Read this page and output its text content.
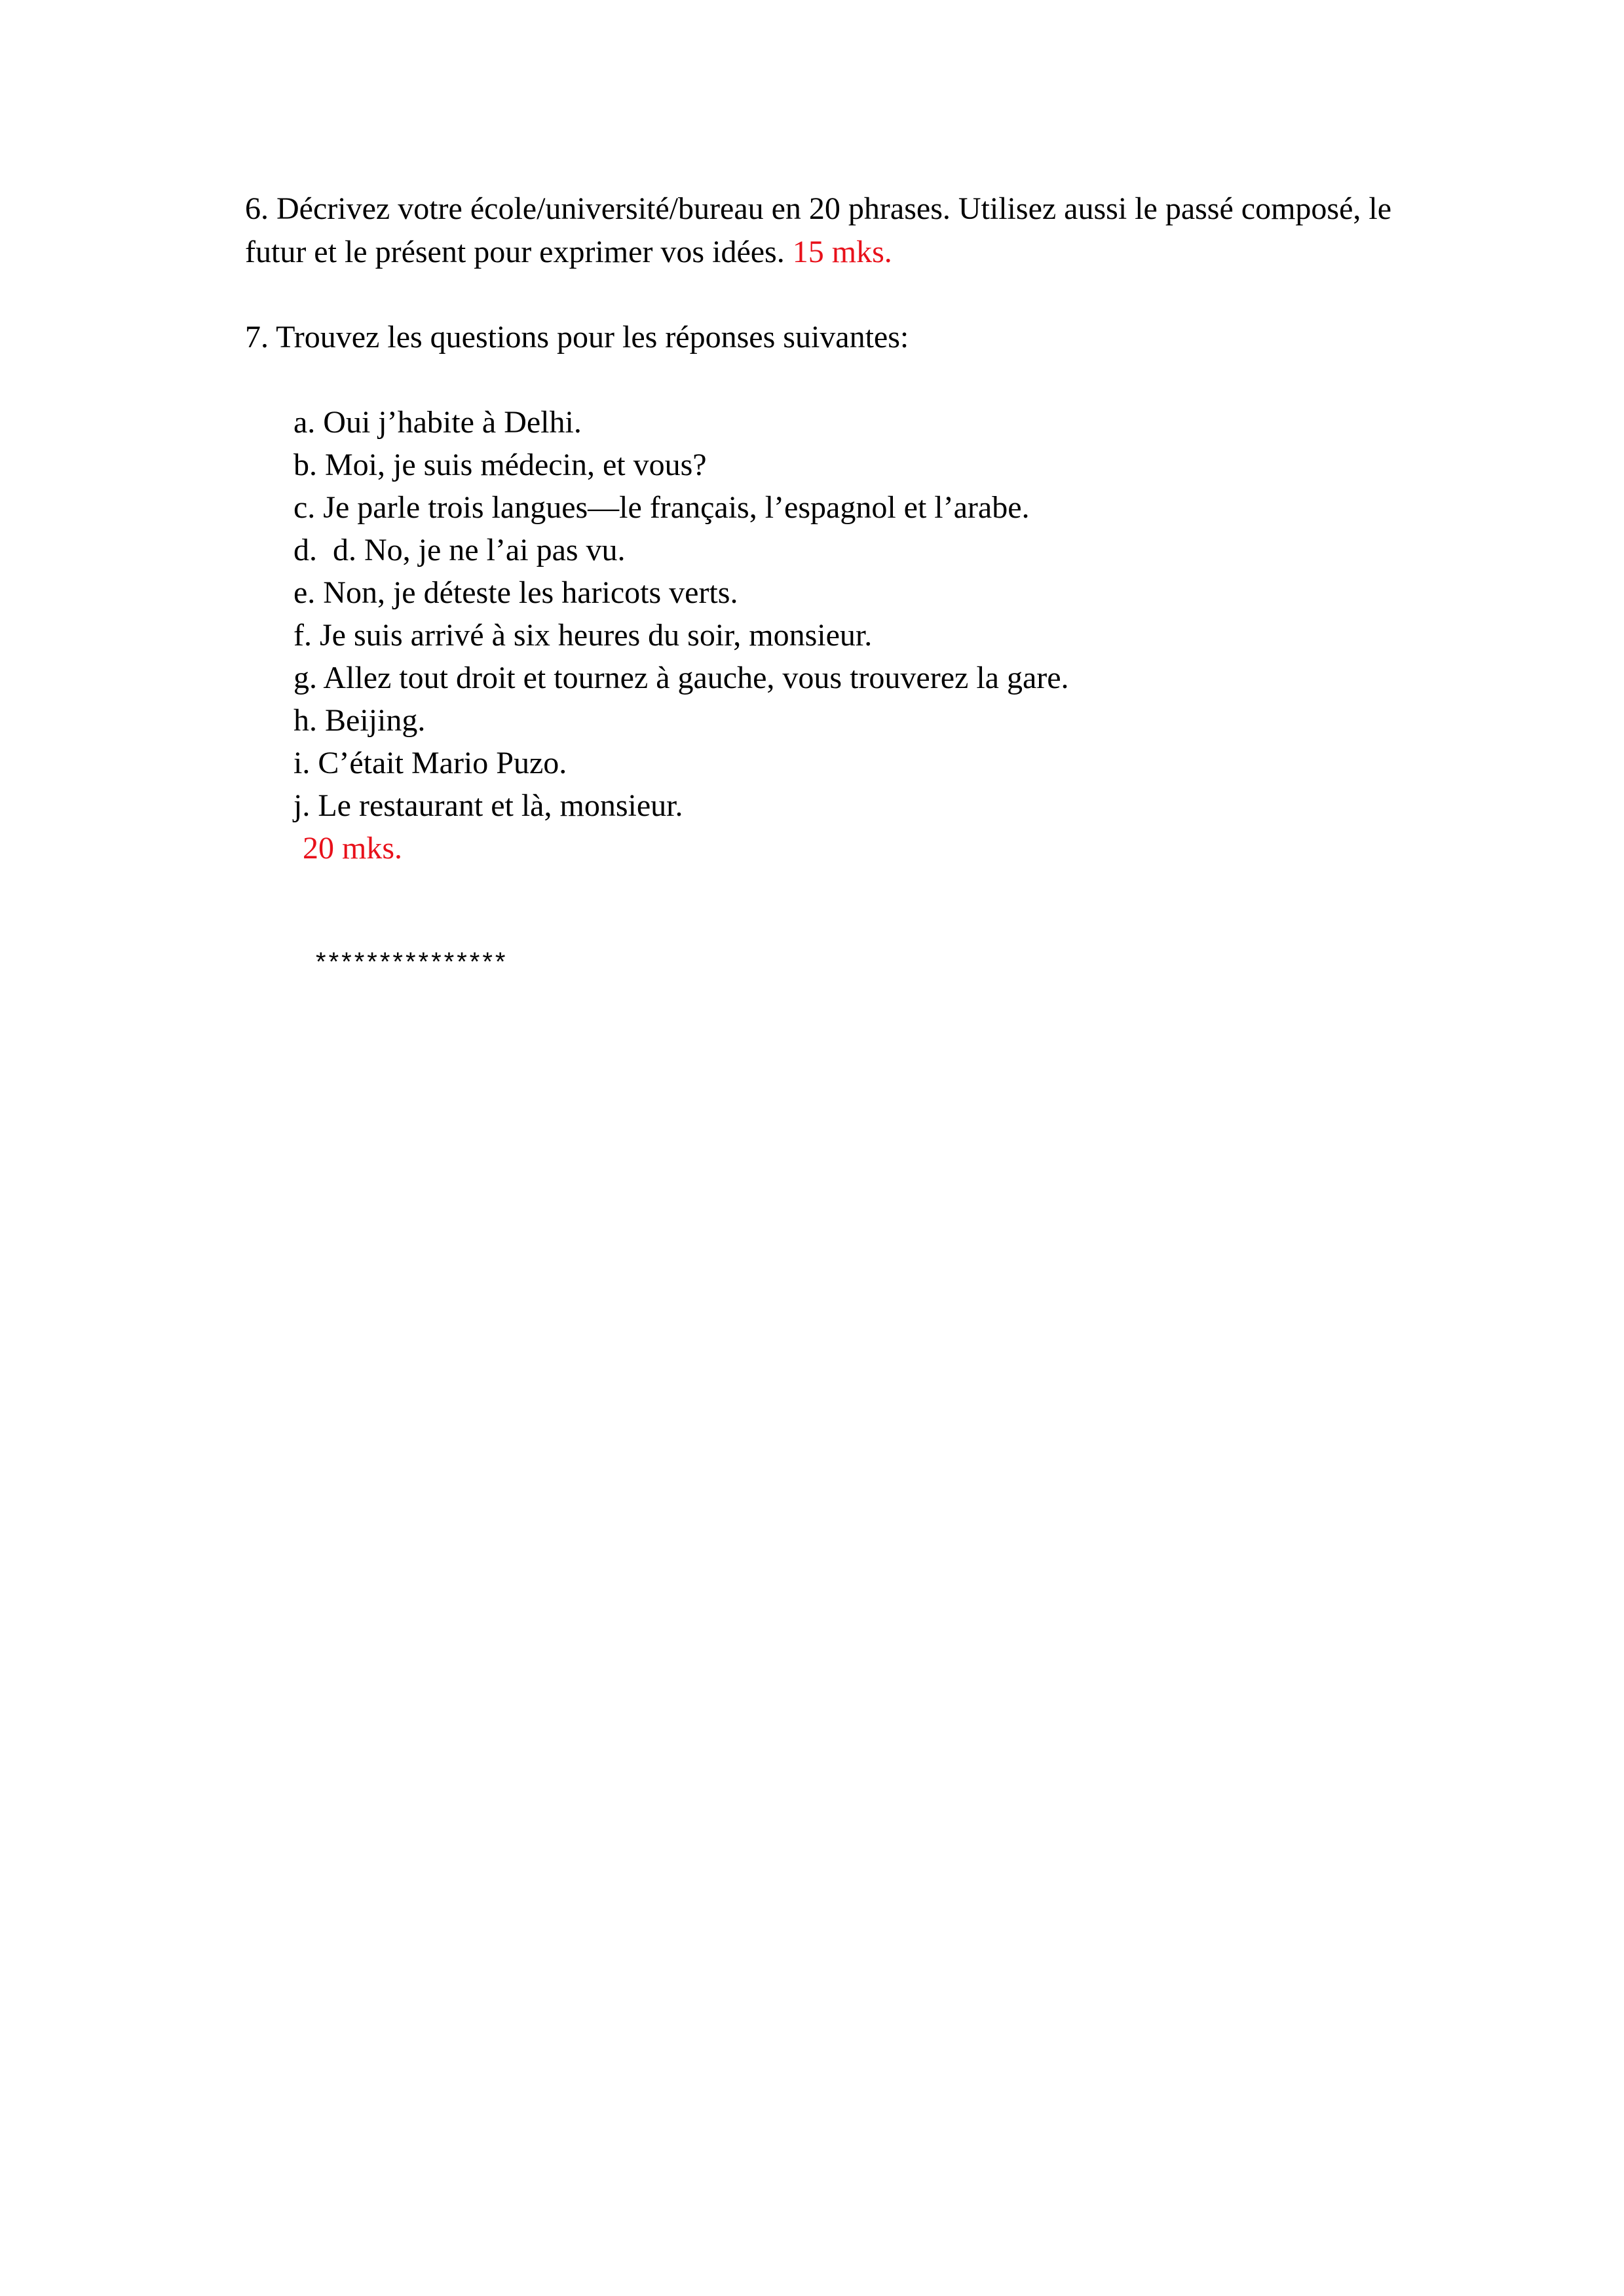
6. Décrivez votre école/université/bureau en 20 phrases. Utilisez aussi le passé composé, le futur et le présent pour exprimer vos idées. 15 mks.

7. Trouvez les questions pour les réponses suivantes:

a. Oui j’habite à Delhi.
b. Moi, je suis médecin, et vous?
c. Je parle trois langues—le français, l’espagnol et l’arabe.
d.  d. No, je ne l’ai pas vu.
e. Non, je déteste les haricots verts.
f. Je suis arrivé à six heures du soir, monsieur.
g. Allez tout droit et tournez à gauche, vous trouverez la gare.
h. Beijing.
i. C’était Mario Puzo.
j. Le restaurant et là, monsieur.
20 mks.
***************
